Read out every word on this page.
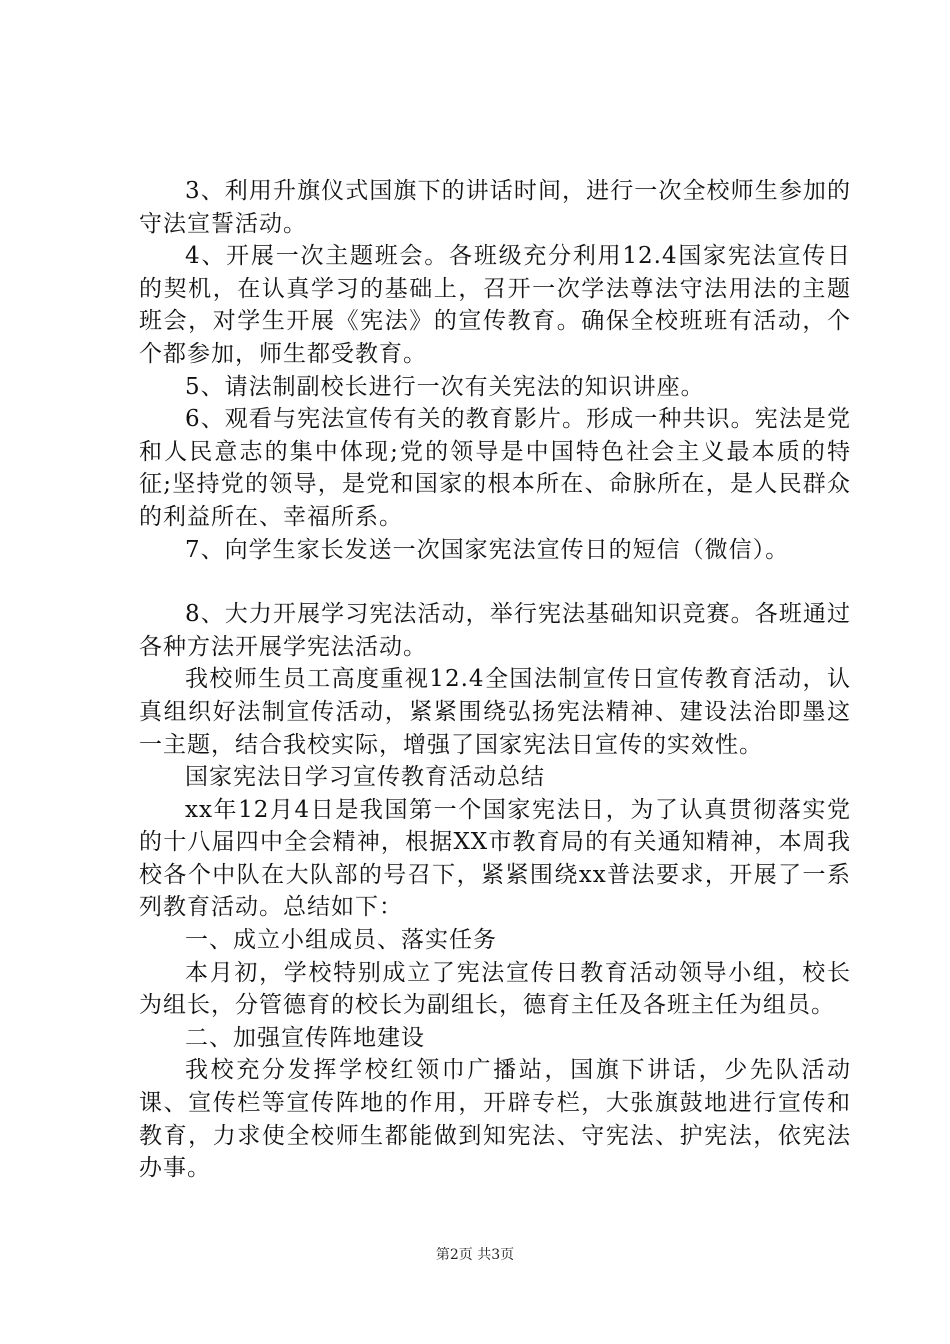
3、利用升旗仪式国旗下的讲话时间，进行一次全校师生参加的守法宣誓活动。

4、开展一次主题班会。各班级充分利用12.4国家宪法宣传日的契机，在认真学习的基础上，召开一次学法尊法守法用法的主题班会，对学生开展《宪法》的宣传教育。确保全校班班有活动，个个都参加，师生都受教育。

5、请法制副校长进行一次有关宪法的知识讲座。

6、观看与宪法宣传有关的教育影片。形成一种共识。宪法是党和人民意志的集中体现;党的领导是中国特色社会主义最本质的特征;坚持党的领导，是党和国家的根本所在、命脉所在，是人民群众的利益所在、幸福所系。

7、向学生家长发送一次国家宪法宣传日的短信（微信）。

8、大力开展学习宪法活动，举行宪法基础知识竞赛。各班通过各种方法开展学宪法活动。

我校师生员工高度重视12.4全国法制宣传日宣传教育活动，认真组织好法制宣传活动，紧紧围绕弘扬宪法精神、建设法治即墨这一主题，结合我校实际，增强了国家宪法日宣传的实效性。

国家宪法日学习宣传教育活动总结

xx年12月4日是我国第一个国家宪法日，为了认真贯彻落实党的十八届四中全会精神，根据XX市教育局的有关通知精神，本周我校各个中队在大队部的号召下，紧紧围绕xx普法要求，开展了一系列教育活动。总结如下：

一、成立小组成员、落实任务

本月初，学校特别成立了宪法宣传日教育活动领导小组，校长为组长，分管德育的校长为副组长，德育主任及各班主任为组员。

二、加强宣传阵地建设

我校充分发挥学校红领巾广播站，国旗下讲话，少先队活动课、宣传栏等宣传阵地的作用，开辟专栏，大张旗鼓地进行宣传和教育，力求使全校师生都能做到知宪法、守宪法、护宪法，依宪法办事。

第2页 共3页
